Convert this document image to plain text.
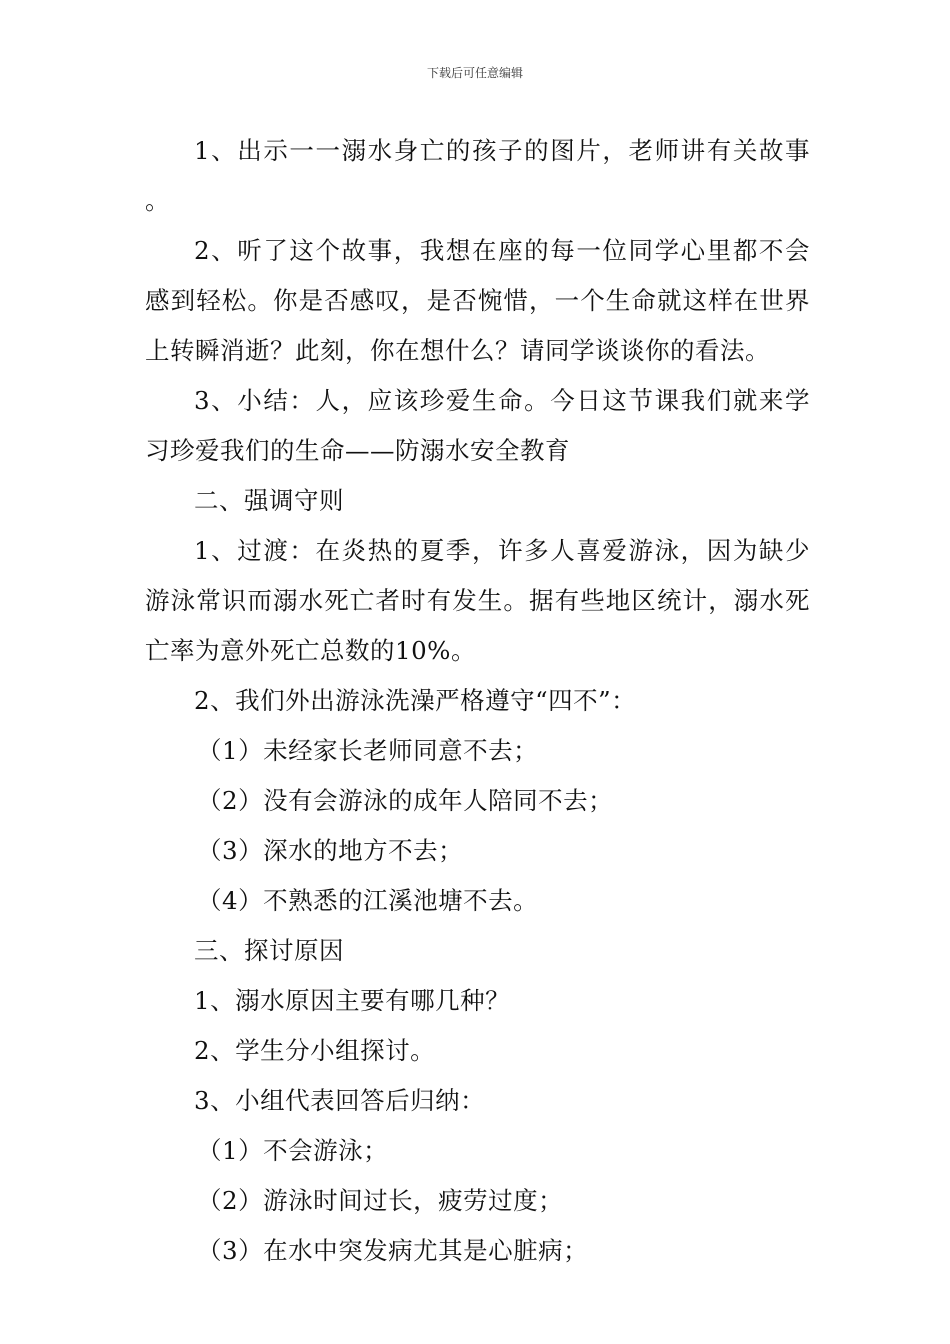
下载后可任意编辑

1、出示一一溺水身亡的孩子的图片，老师讲有关故事。

2、听了这个故事，我想在座的每一位同学心里都不会感到轻松。你是否感叹，是否惋惜，一个生命就这样在世界上转瞬消逝？此刻，你在想什么？请同学谈谈你的看法。

3、小结：人，应该珍爱生命。今日这节课我们就来学习珍爱我们的生命——防溺水安全教育

二、强调守则

1、过渡：在炎热的夏季，许多人喜爱游泳，因为缺少游泳常识而溺水死亡者时有发生。据有些地区统计，溺水死亡率为意外死亡总数的10%。

2、我们外出游泳洗澡严格遵守“四不”：

（1）未经家长老师同意不去；

（2）没有会游泳的成年人陪同不去；

（3）深水的地方不去；

（4）不熟悉的江溪池塘不去。

三、探讨原因

1、溺水原因主要有哪几种？

2、学生分小组探讨。

3、小组代表回答后归纳：

（1）不会游泳；

（2）游泳时间过长，疲劳过度；

（3）在水中突发病尤其是心脏病；
